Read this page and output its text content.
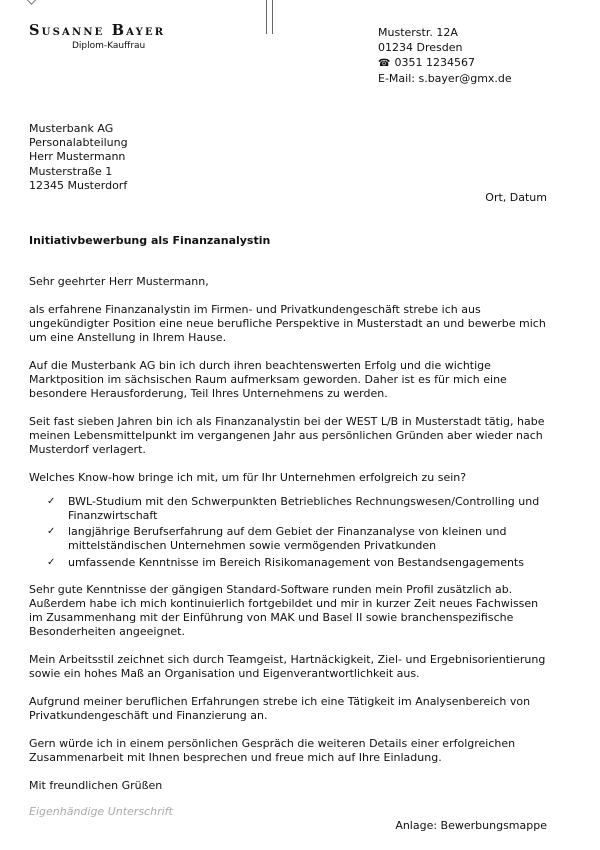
Susanne Bayer
Diplom-Kauffrau
Musterstr. 12A
01234 Dresden
☎ 0351 1234567
E-Mail: s.bayer@gmx.de
Musterbank AG
Personalabteilung
Herr Mustermann
Musterstraße 1
12345 Musterdorf
Ort, Datum
Initiativbewerbung als Finanzanalystin

Sehr geehrter Herr Mustermann,

als erfahrene Finanzanalystin im Firmen- und Privatkundengeschäft strebe ich aus ungekündigter Position eine neue berufliche Perspektive in Musterstadt an und bewerbe mich um eine Anstellung in Ihrem Hause.

Auf die Musterbank AG bin ich durch ihren beachtenswerten Erfolg und die wichtige Marktposition im sächsischen Raum aufmerksam geworden. Daher ist es für mich eine besondere Herausforderung, Teil Ihres Unternehmens zu werden.

Seit fast sieben Jahren bin ich als Finanzanalystin bei der WEST L/B in Musterstadt tätig, habe meinen Lebensmittelpunkt im vergangenen Jahr aus persönlichen Gründen aber wieder nach Musterdorf verlagert.

Welches Know-how bringe ich mit, um für Ihr Unternehmen erfolgreich zu sein?

✓ BWL-Studium mit den Schwerpunkten Betriebliches Rechnungswesen/Controlling und Finanzwirtschaft
✓ langjährige Berufserfahrung auf dem Gebiet der Finanzanalyse von kleinen und mittelständischen Unternehmen sowie vermögenden Privatkunden
✓ umfassende Kenntnisse im Bereich Risikomanagement von Bestandsengagements

Sehr gute Kenntnisse der gängigen Standard-Software runden mein Profil zusätzlich ab. Außerdem habe ich mich kontinuierlich fortgebildet und mir in kurzer Zeit neues Fachwissen im Zusammenhang mit der Einführung von MAK und Basel II sowie branchenspezifische Besonderheiten angeeignet.

Mein Arbeitsstil zeichnet sich durch Teamgeist, Hartnäckigkeit, Ziel- und Ergebnisorientierung sowie ein hohes Maß an Organisation und Eigenverantwortlichkeit aus.

Aufgrund meiner beruflichen Erfahrungen strebe ich eine Tätigkeit im Analysenbereich von Privatkundengeschäft und Finanzierung an.

Gern würde ich in einem persönlichen Gespräch die weiteren Details einer erfolgreichen Zusammenarbeit mit Ihnen besprechen und freue mich auf Ihre Einladung.

Mit freundlichen Grüßen

Eigenhändige Unterschrift
Anlage: Bewerbungsmappe
